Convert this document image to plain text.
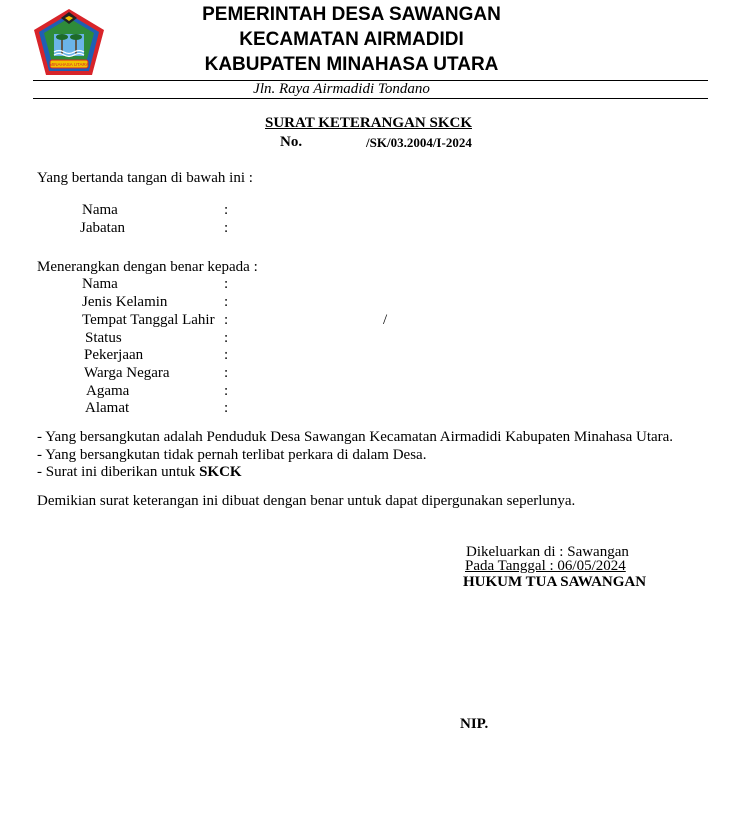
MINAHASA UTARA
PEMERINTAH DESA SAWANGAN
KECAMATAN AIRMADIDI
KABUPATEN MINAHASA UTARA
Jln. Raya Airmadidi Tondano
SURAT KETERANGAN SKCK
No.	/SK/03.2004/I-2024
Yang bertanda tangan di bawah ini :
Nama	:
Jabatan	:
Menerangkan dengan benar kepada :
Nama	:
Jenis Kelamin	:
Tempat Tanggal Lahir :	/
Status	:
Pekerjaan	:
Warga Negara	:
Agama	:
Alamat	:
- Yang bersangkutan adalah Penduduk Desa Sawangan Kecamatan Airmadidi Kabupaten Minahasa Utara.
- Yang bersangkutan tidak pernah terlibat perkara di dalam Desa.
- Surat ini diberikan untuk SKCK
Demikian surat keterangan ini dibuat dengan benar untuk dapat dipergunakan seperlunya.
Dikeluarkan di : Sawangan
Pada Tanggal : 06/05/2024
HUKUM TUA SAWANGAN
NIP.
